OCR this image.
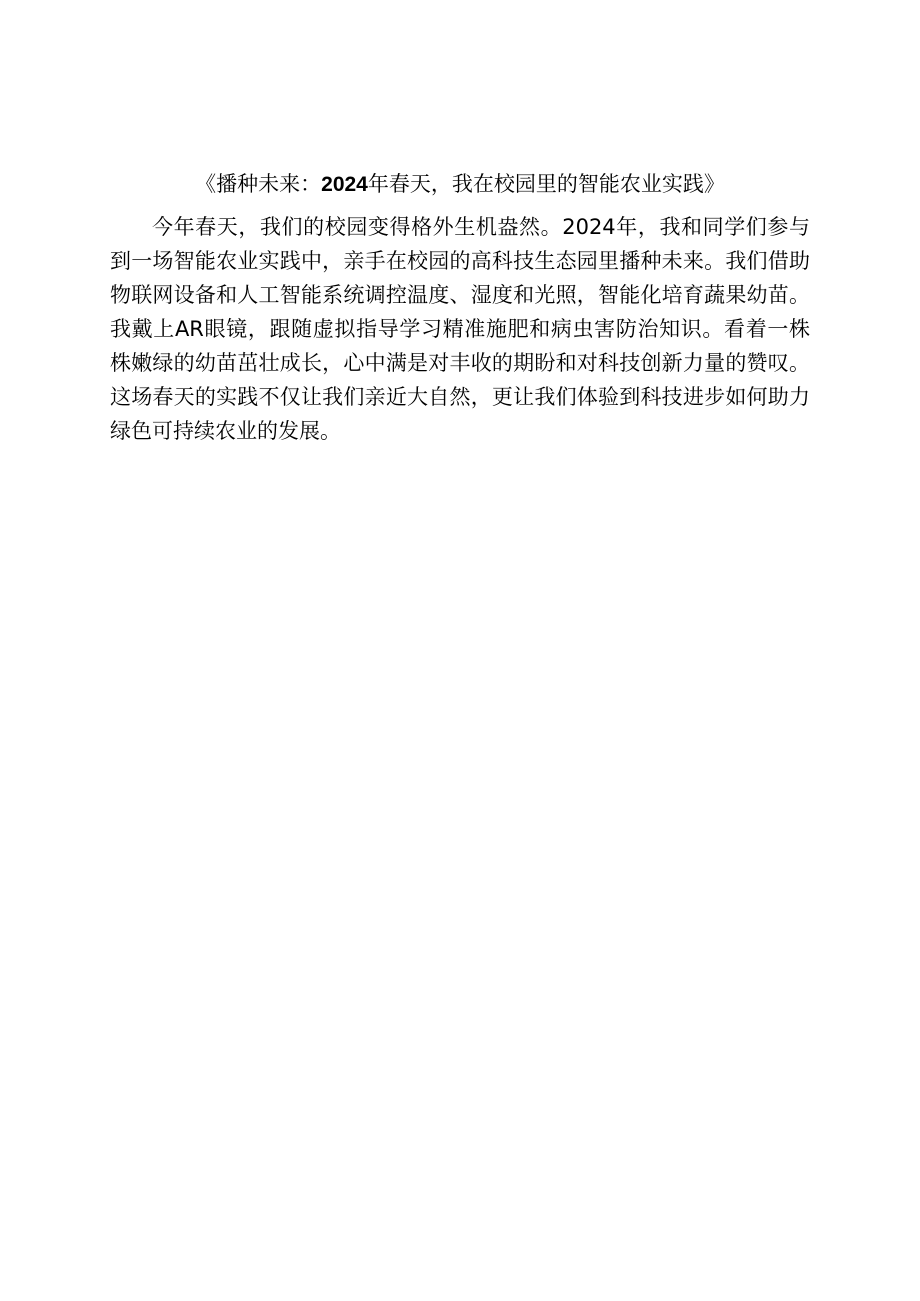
《播种未来：2024年春天，我在校园里的智能农业实践》

今年春天，我们的校园变得格外生机盎然。2024年，我和同学们参与到一场智能农业实践中，亲手在校园的高科技生态园里播种未来。我们借助物联网设备和人工智能系统调控温度、湿度和光照，智能化培育蔬果幼苗。我戴上AR眼镜，跟随虚拟指导学习精准施肥和病虫害防治知识。看着一株株嫩绿的幼苗茁壮成长，心中满是对丰收的期盼和对科技创新力量的赞叹。这场春天的实践不仅让我们亲近大自然，更让我们体验到科技进步如何助力绿色可持续农业的发展。
